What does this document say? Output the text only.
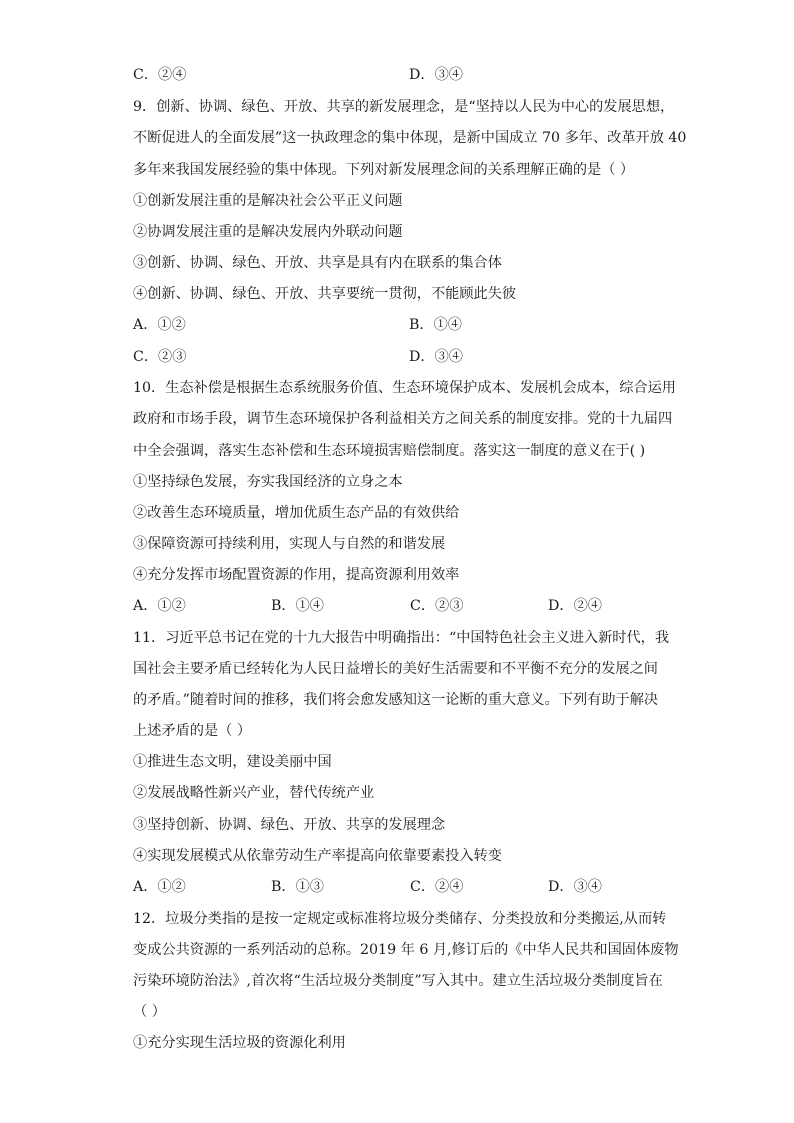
C．②④	D．③④
9．创新、协调、绿色、开放、共享的新发展理念，是“坚持以人民为中心的发展思想，
不断促进人的全面发展”这一执政理念的集中体现，是新中国成立 70 多年、改革开放 40
多年来我国发展经验的集中体现。下列对新发展理念间的关系理解正确的是（ ）
①创新发展注重的是解决社会公平正义问题
②协调发展注重的是解决发展内外联动问题
③创新、协调、绿色、开放、共享是具有内在联系的集合体
④创新、协调、绿色、开放、共享要统一贯彻，不能顾此失彼
A．①②	B．①④
C．②③	D．③④
10．生态补偿是根据生态系统服务价值、生态环境保护成本、发展机会成本，综合运用
政府和市场手段，调节生态环境保护各利益相关方之间关系的制度安排。党的十九届四
中全会强调，落实生态补偿和生态环境损害赔偿制度。落实这一制度的意义在于( )
①坚持绿色发展，夯实我国经济的立身之本
②改善生态环境质量，增加优质生态产品的有效供给
③保障资源可持续利用，实现人与自然的和谐发展
④充分发挥市场配置资源的作用，提高资源利用效率
A．①②	B．①④	C．②③	D．②④
11．习近平总书记在党的十九大报告中明确指出：“中国特色社会主义进入新时代，我
国社会主要矛盾已经转化为人民日益增长的美好生活需要和不平衡不充分的发展之间
的矛盾。”随着时间的推移，我们将会愈发感知这一论断的重大意义。下列有助于解决
上述矛盾的是（ ）
①推进生态文明，建设美丽中国
②发展战略性新兴产业，替代传统产业
③坚持创新、协调、绿色、开放、共享的发展理念
④实现发展模式从依靠劳动生产率提高向依靠要素投入转变
A．①②	B．①③	C．②④	D．③④
12．垃圾分类指的是按一定规定或标准将垃圾分类储存、分类投放和分类搬运,从而转
变成公共资源的一系列活动的总称。2019 年 6 月,修订后的《中华人民共和国固体废物
污染环境防治法》,首次将“生活垃圾分类制度”写入其中。建立生活垃圾分类制度旨在
（ ）
①充分实现生活垃圾的资源化利用
